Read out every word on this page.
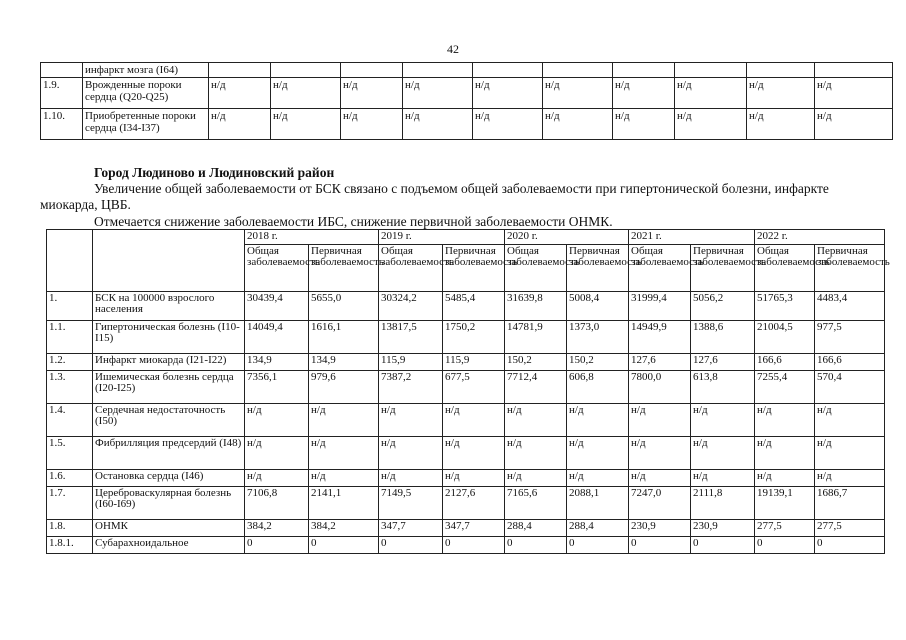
42
	инфаркт мозга (I64)										
1.9.	Врожденные пороки сердца (Q20-Q25)	н/д	н/д	н/д	н/д	н/д	н/д	н/д	н/д	н/д	н/д
1.10.	Приобретенные пороки сердца (I34-I37)	н/д	н/д	н/д	н/д	н/д	н/д	н/д	н/д	н/д	н/д
Город Людиново и Людиновский район
Увеличение общей заболеваемости от БСК связано с подъемом общей заболеваемости при гипертонической болезни, инфаркте миокарда, ЦВБ.
Отмечается снижение заболеваемости ИБС, снижение первичной заболеваемости ОНМК.
		2018 г.		2019 г.		2020 г.		2021 г.		2022 г.	
		Общая заболеваемость	Первичная заболеваемость	Общая заболеваемость	Первичная заболеваемость	Общая заболеваемость	Первичная заболеваемость	Общая заболеваемость	Первичная заболеваемость	Общая заболеваемость	Первичная заболеваемость
1.	БСК на 100000 взрослого населения	30439,4	5655,0	30324,2	5485,4	31639,8	5008,4	31999,4	5056,2	51765,3	4483,4
1.1.	Гипертоническая болезнь (I10-I15)	14049,4	1616,1	13817,5	1750,2	14781,9	1373,0	14949,9	1388,6	21004,5	977,5
1.2.	Инфаркт миокарда (I21-I22)	134,9	134,9	115,9	115,9	150,2	150,2	127,6	127,6	166,6	166,6
1.3.	Ишемическая болезнь сердца (I20-I25)	7356,1	979,6	7387,2	677,5	7712,4	606,8	7800,0	613,8	7255,4	570,4
1.4.	Сердечная недостаточность (I50)	н/д	н/д	н/д	н/д	н/д	н/д	н/д	н/д	н/д	н/д
1.5.	Фибрилляция предсердий (I48)	н/д	н/д	н/д	н/д	н/д	н/д	н/д	н/д	н/д	н/д
1.6.	Остановка сердца (I46)	н/д	н/д	н/д	н/д	н/д	н/д	н/д	н/д	н/д	н/д
1.7.	Цереброваскулярная болезнь (I60-I69)	7106,8	2141,1	7149,5	2127,6	7165,6	2088,1	7247,0	2111,8	19139,1	1686,7
1.8.	ОНМК	384,2	384,2	347,7	347,7	288,4	288,4	230,9	230,9	277,5	277,5
1.8.1.	Субарахноидальное	0	0	0	0	0	0	0	0	0	0
